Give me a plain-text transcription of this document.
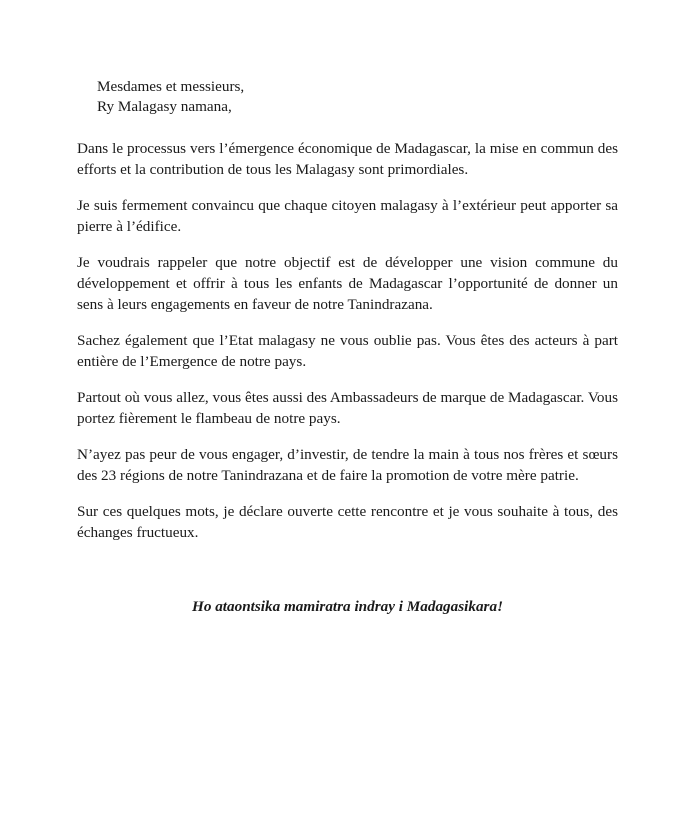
Mesdames et messieurs,
Ry Malagasy namana,

Dans le processus vers l’émergence économique de Madagascar, la mise en commun des efforts et la contribution de tous les Malagasy sont primordiales.

Je suis fermement convaincu que chaque citoyen malagasy à l’extérieur peut apporter sa pierre à l’édifice.

Je voudrais rappeler que notre objectif est de développer une vision commune du développement et offrir à tous les enfants de Madagascar l’opportunité de donner un sens à leurs engagements en faveur de notre Tanindrazana.

Sachez également que l’Etat malagasy ne vous oublie pas. Vous êtes des acteurs à part entière de l’Emergence de notre pays.

Partout où vous allez, vous êtes aussi des Ambassadeurs de marque de Madagascar. Vous portez fièrement le flambeau de notre pays.

N’ayez pas peur de vous engager, d’investir, de tendre la main à tous nos frères et sœurs des 23 régions de notre Tanindrazana et de faire la promotion de votre mère patrie.

Sur ces quelques mots, je déclare ouverte cette rencontre et je vous souhaite à tous, des échanges fructueux.

Ho ataontsika mamiratra indray i Madagasikara!
